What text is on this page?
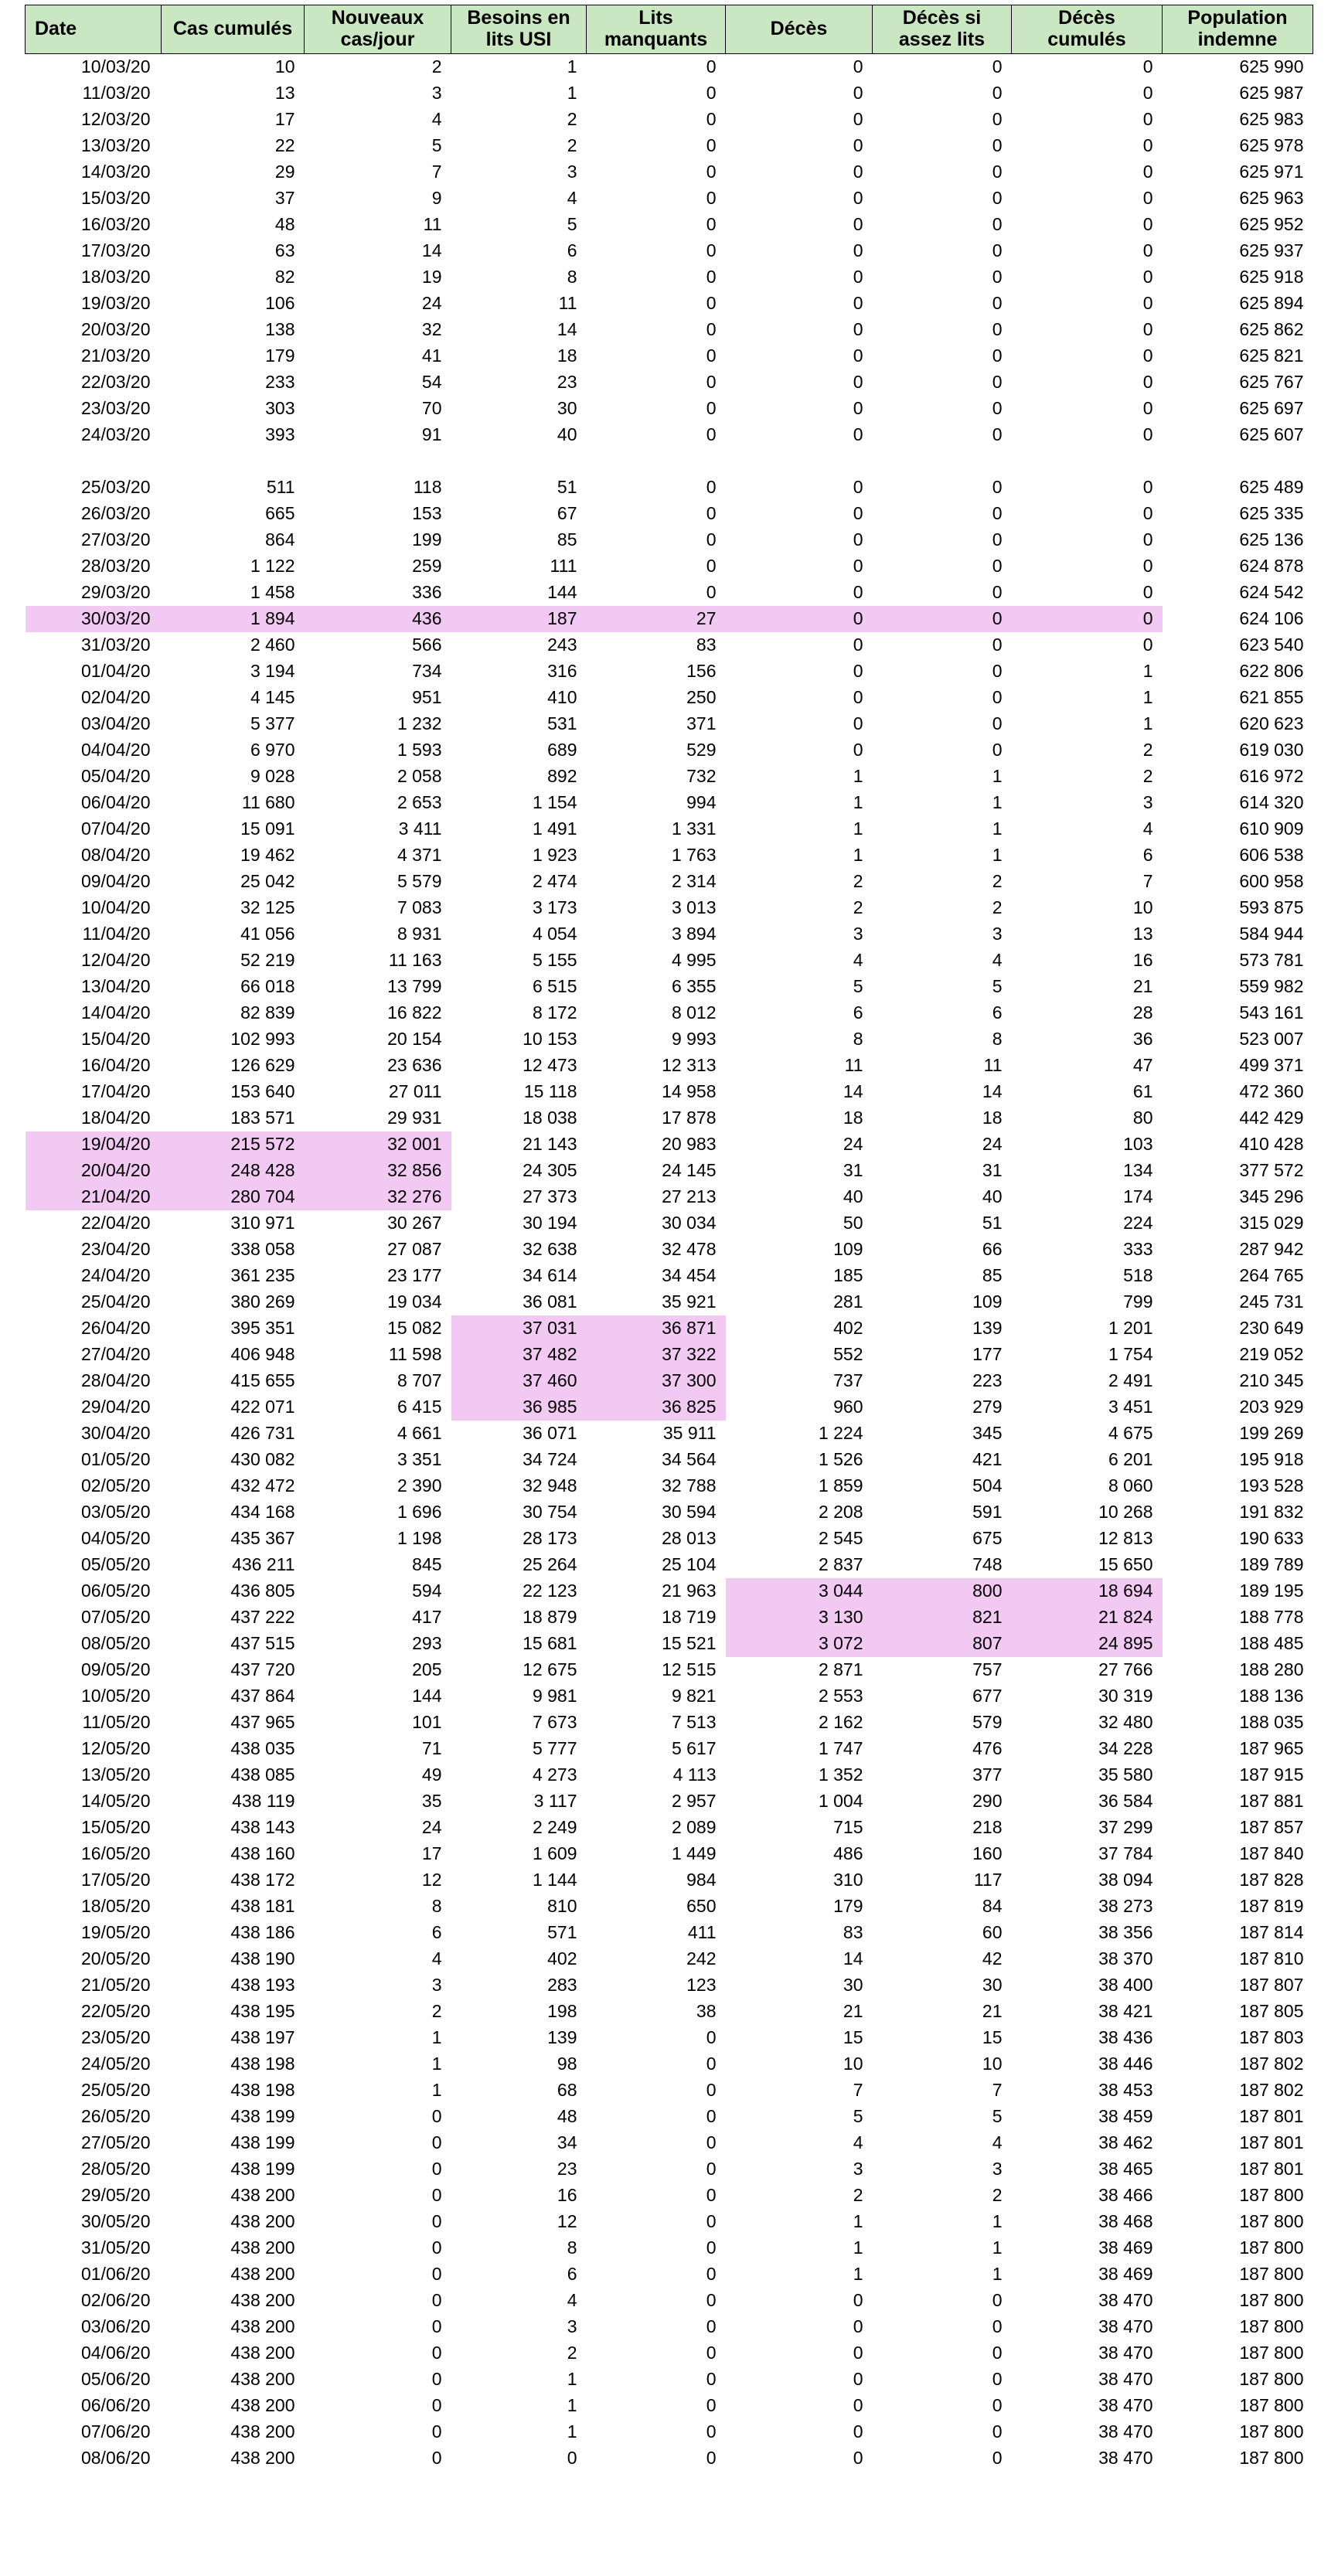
Date	Cas cumulés	Nouveaux cas/jour	Besoins en lits USI	Lits manquants	Décès	Décès si assez lits	Décès cumulés	Population indemne
10/03/20	10	2	1	0	0	0	0	625 990
11/03/20	13	3	1	0	0	0	0	625 987
12/03/20	17	4	2	0	0	0	0	625 983
13/03/20	22	5	2	0	0	0	0	625 978
14/03/20	29	7	3	0	0	0	0	625 971
15/03/20	37	9	4	0	0	0	0	625 963
16/03/20	48	11	5	0	0	0	0	625 952
17/03/20	63	14	6	0	0	0	0	625 937
18/03/20	82	19	8	0	0	0	0	625 918
19/03/20	106	24	11	0	0	0	0	625 894
20/03/20	138	32	14	0	0	0	0	625 862
21/03/20	179	41	18	0	0	0	0	625 821
22/03/20	233	54	23	0	0	0	0	625 767
23/03/20	303	70	30	0	0	0	0	625 697
24/03/20	393	91	40	0	0	0	0	625 607

25/03/20	511	118	51	0	0	0	0	625 489
26/03/20	665	153	67	0	0	0	0	625 335
27/03/20	864	199	85	0	0	0	0	625 136
28/03/20	1 122	259	111	0	0	0	0	624 878
29/03/20	1 458	336	144	0	0	0	0	624 542
30/03/20	1 894	436	187	27	0	0	0	624 106
31/03/20	2 460	566	243	83	0	0	0	623 540
01/04/20	3 194	734	316	156	0	0	1	622 806
02/04/20	4 145	951	410	250	0	0	1	621 855
03/04/20	5 377	1 232	531	371	0	0	1	620 623
04/04/20	6 970	1 593	689	529	0	0	2	619 030
05/04/20	9 028	2 058	892	732	1	1	2	616 972
06/04/20	11 680	2 653	1 154	994	1	1	3	614 320
07/04/20	15 091	3 411	1 491	1 331	1	1	4	610 909
08/04/20	19 462	4 371	1 923	1 763	1	1	6	606 538
09/04/20	25 042	5 579	2 474	2 314	2	2	7	600 958
10/04/20	32 125	7 083	3 173	3 013	2	2	10	593 875
11/04/20	41 056	8 931	4 054	3 894	3	3	13	584 944
12/04/20	52 219	11 163	5 155	4 995	4	4	16	573 781
13/04/20	66 018	13 799	6 515	6 355	5	5	21	559 982
14/04/20	82 839	16 822	8 172	8 012	6	6	28	543 161
15/04/20	102 993	20 154	10 153	9 993	8	8	36	523 007
16/04/20	126 629	23 636	12 473	12 313	11	11	47	499 371
17/04/20	153 640	27 011	15 118	14 958	14	14	61	472 360
18/04/20	183 571	29 931	18 038	17 878	18	18	80	442 429
19/04/20	215 572	32 001	21 143	20 983	24	24	103	410 428
20/04/20	248 428	32 856	24 305	24 145	31	31	134	377 572
21/04/20	280 704	32 276	27 373	27 213	40	40	174	345 296
22/04/20	310 971	30 267	30 194	30 034	50	51	224	315 029
23/04/20	338 058	27 087	32 638	32 478	109	66	333	287 942
24/04/20	361 235	23 177	34 614	34 454	185	85	518	264 765
25/04/20	380 269	19 034	36 081	35 921	281	109	799	245 731
26/04/20	395 351	15 082	37 031	36 871	402	139	1 201	230 649
27/04/20	406 948	11 598	37 482	37 322	552	177	1 754	219 052
28/04/20	415 655	8 707	37 460	37 300	737	223	2 491	210 345
29/04/20	422 071	6 415	36 985	36 825	960	279	3 451	203 929
30/04/20	426 731	4 661	36 071	35 911	1 224	345	4 675	199 269
01/05/20	430 082	3 351	34 724	34 564	1 526	421	6 201	195 918
02/05/20	432 472	2 390	32 948	32 788	1 859	504	8 060	193 528
03/05/20	434 168	1 696	30 754	30 594	2 208	591	10 268	191 832
04/05/20	435 367	1 198	28 173	28 013	2 545	675	12 813	190 633
05/05/20	436 211	845	25 264	25 104	2 837	748	15 650	189 789
06/05/20	436 805	594	22 123	21 963	3 044	800	18 694	189 195
07/05/20	437 222	417	18 879	18 719	3 130	821	21 824	188 778
08/05/20	437 515	293	15 681	15 521	3 072	807	24 895	188 485
09/05/20	437 720	205	12 675	12 515	2 871	757	27 766	188 280
10/05/20	437 864	144	9 981	9 821	2 553	677	30 319	188 136
11/05/20	437 965	101	7 673	7 513	2 162	579	32 480	188 035
12/05/20	438 035	71	5 777	5 617	1 747	476	34 228	187 965
13/05/20	438 085	49	4 273	4 113	1 352	377	35 580	187 915
14/05/20	438 119	35	3 117	2 957	1 004	290	36 584	187 881
15/05/20	438 143	24	2 249	2 089	715	218	37 299	187 857
16/05/20	438 160	17	1 609	1 449	486	160	37 784	187 840
17/05/20	438 172	12	1 144	984	310	117	38 094	187 828
18/05/20	438 181	8	810	650	179	84	38 273	187 819
19/05/20	438 186	6	571	411	83	60	38 356	187 814
20/05/20	438 190	4	402	242	14	42	38 370	187 810
21/05/20	438 193	3	283	123	30	30	38 400	187 807
22/05/20	438 195	2	198	38	21	21	38 421	187 805
23/05/20	438 197	1	139	0	15	15	38 436	187 803
24/05/20	438 198	1	98	0	10	10	38 446	187 802
25/05/20	438 198	1	68	0	7	7	38 453	187 802
26/05/20	438 199	0	48	0	5	5	38 459	187 801
27/05/20	438 199	0	34	0	4	4	38 462	187 801
28/05/20	438 199	0	23	0	3	3	38 465	187 801
29/05/20	438 200	0	16	0	2	2	38 466	187 800
30/05/20	438 200	0	12	0	1	1	38 468	187 800
31/05/20	438 200	0	8	0	1	1	38 469	187 800
01/06/20	438 200	0	6	0	1	1	38 469	187 800
02/06/20	438 200	0	4	0	0	0	38 470	187 800
03/06/20	438 200	0	3	0	0	0	38 470	187 800
04/06/20	438 200	0	2	0	0	0	38 470	187 800
05/06/20	438 200	0	1	0	0	0	38 470	187 800
06/06/20	438 200	0	1	0	0	0	38 470	187 800
07/06/20	438 200	0	1	0	0	0	38 470	187 800
08/06/20	438 200	0	0	0	0	0	38 470	187 800
